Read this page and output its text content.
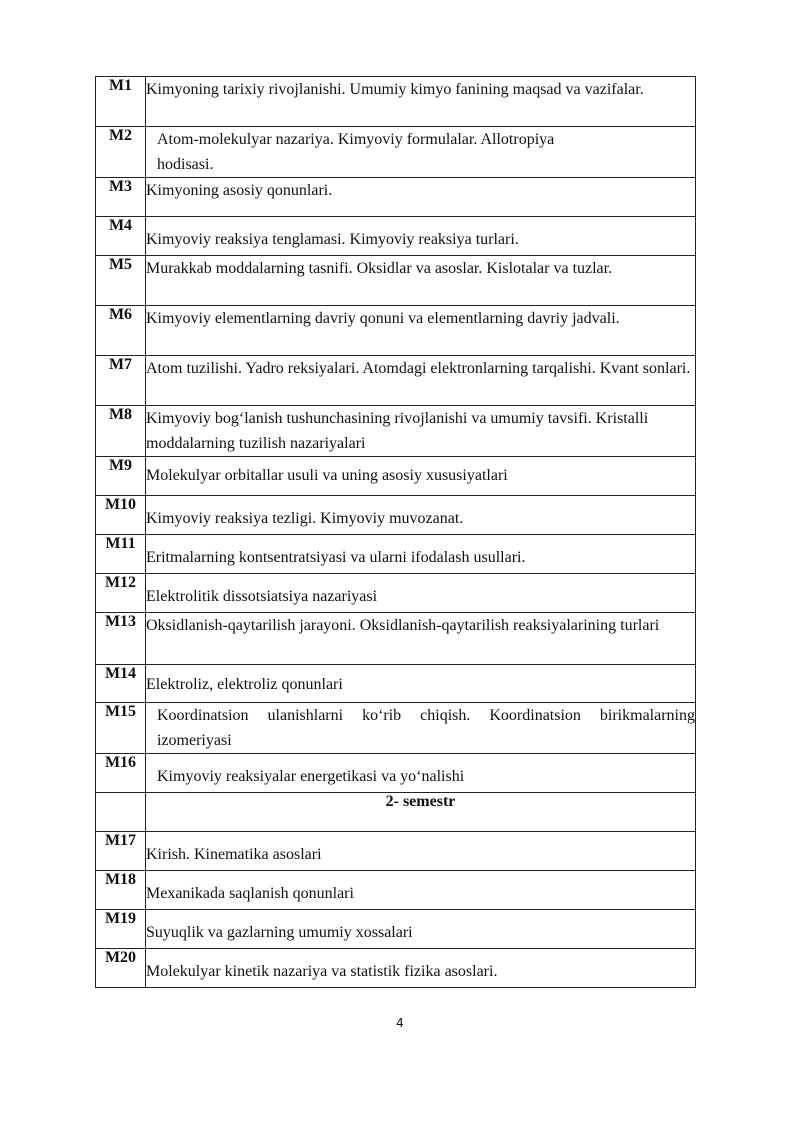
M1	Kimyoning tarixiy rivojlanishi. Umumiy kimyo fanining maqsad va vazifalar.
M2	Atom-molekulyar nazariya. Kimyoviy formulalar. Allotropiya hodisasi.
M3	Kimyoning asosiy qonunlari.
M4	Kimyoviy reaksiya tenglamasi. Kimyoviy reaksiya turlari.
M5	Murakkab moddalarning tasnifi. Oksidlar va asoslar. Kislotalar va tuzlar.
M6	Kimyoviy elementlarning davriy qonuni va elementlarning davriy jadvali.
M7	Atom tuzilishi. Yadro reksiyalari. Atomdagi elektronlarning tarqalishi. Kvant sonlari.
M8	Kimyoviy bog‘lanish tushunchasining rivojlanishi va umumiy tavsifi. Kristalli moddalarning tuzilish nazariyalari
M9	Molekulyar orbitallar usuli va uning asosiy xususiyatlari
M10	Kimyoviy reaksiya tezligi. Kimyoviy muvozanat.
M11	Eritmalarning kontsentratsiyasi va ularni ifodalash usullari.
M12	Elektrolitik dissotsiatsiya nazariyasi
M13	Oksidlanish-qaytarilish jarayoni. Oksidlanish-qaytarilish reaksiyalarining turlari
M14	Elektroliz, elektroliz qonunlari
M15	Koordinatsion ulanishlarni ko‘rib chiqish. Koordinatsion birikmalarning izomeriyasi
M16	Kimyoviy reaksiyalar energetikasi va yo‘nalishi
	2- semestr
M17	Kirish. Kinematika asoslari
M18	Mexanikada saqlanish qonunlari
M19	Suyuqlik va gazlarning umumiy xossalari
M20	Molekulyar kinetik nazariya va statistik fizika asoslari.
4
